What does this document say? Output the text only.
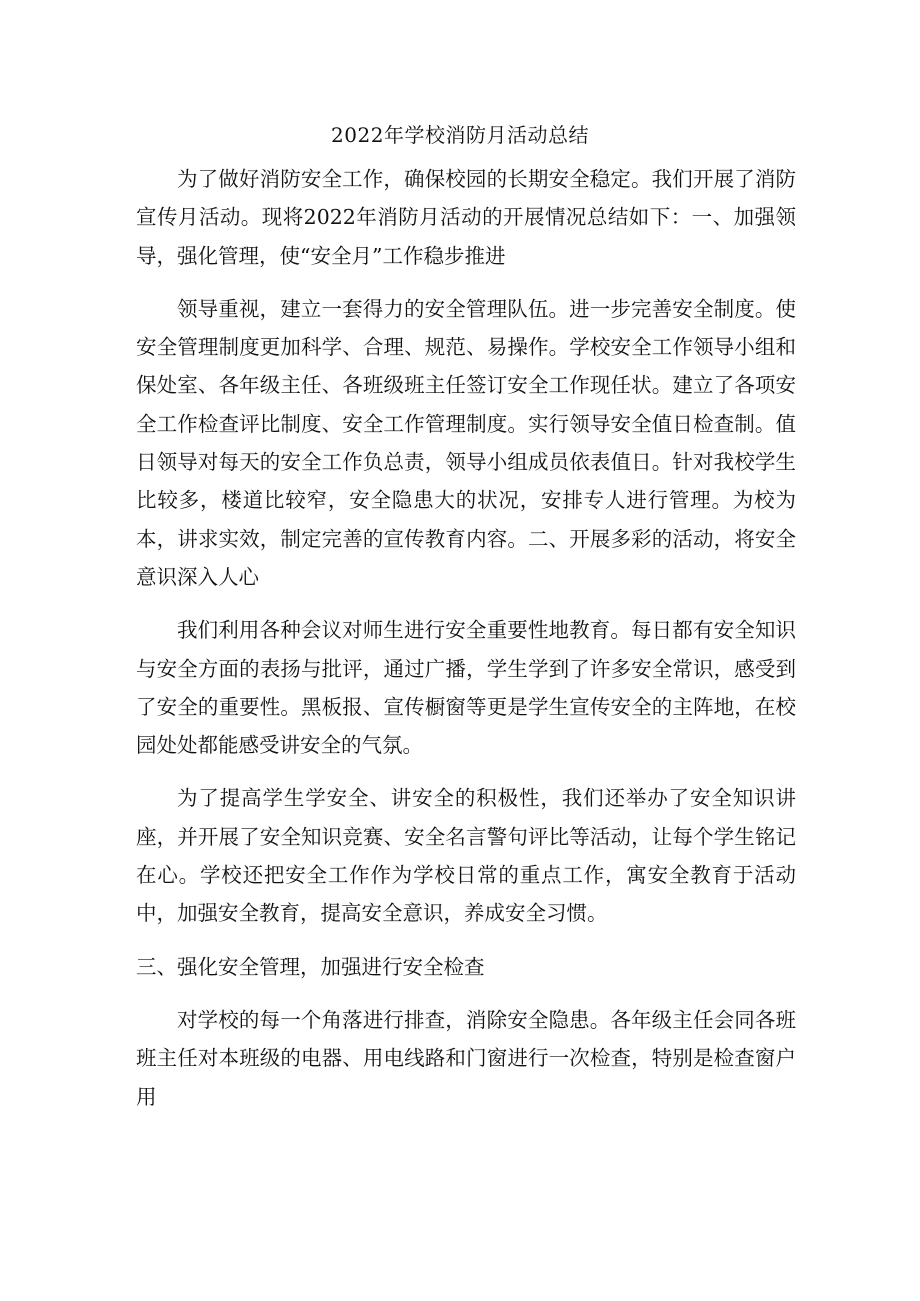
2022年学校消防月活动总结

为了做好消防安全工作，确保校园的长期安全稳定。我们开展了消防宣传月活动。现将2022年消防月活动的开展情况总结如下：一、加强领导，强化管理，使“安全月”工作稳步推进

领导重视，建立一套得力的安全管理队伍。进一步完善安全制度。使安全管理制度更加科学、合理、规范、易操作。学校安全工作领导小组和保处室、各年级主任、各班级班主任签订安全工作现任状。建立了各项安全工作检查评比制度、安全工作管理制度。实行领导安全值日检查制。值日领导对每天的安全工作负总责，领导小组成员依表值日。针对我校学生比较多，楼道比较窄，安全隐患大的状况，安排专人进行管理。为校为本，讲求实效，制定完善的宣传教育内容。二、开展多彩的活动，将安全意识深入人心

我们利用各种会议对师生进行安全重要性地教育。每日都有安全知识与安全方面的表扬与批评，通过广播，学生学到了许多安全常识，感受到了安全的重要性。黑板报、宣传橱窗等更是学生宣传安全的主阵地，在校园处处都能感受讲安全的气氛。

为了提高学生学安全、讲安全的积极性，我们还举办了安全知识讲座，并开展了安全知识竞赛、安全名言警句评比等活动，让每个学生铭记在心。学校还把安全工作作为学校日常的重点工作，寓安全教育于活动中，加强安全教育，提高安全意识，养成安全习惯。

三、强化安全管理，加强进行安全检查

对学校的每一个角落进行排查，消除安全隐患。各年级主任会同各班班主任对本班级的电器、用电线路和门窗进行一次检查，特别是检查窗户用
